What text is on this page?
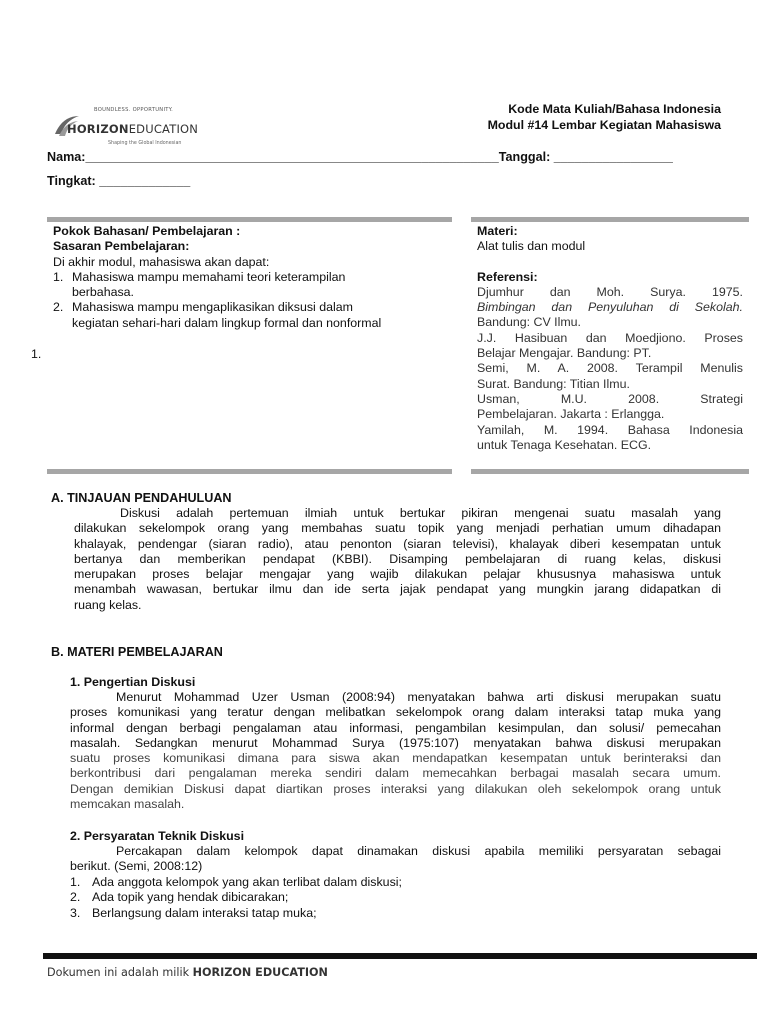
BOUNDLESS. OPPORTUNITY.
HORIZONEDUCATION
Shaping the Global Indonesian
Kode Mata Kuliah/Bahasa Indonesia
Modul #14 Lembar Kegiatan Mahasiswa
Nama:___________________________________________________________Tanggal: _________________
Tingkat: _____________
Pokok Bahasan/ Pembelajaran :
Sasaran Pembelajaran:
Di akhir modul, mahasiswa akan dapat:
1. Mahasiswa mampu memahami teori keterampilan
berbahasa.
2. Mahasiswa mampu mengaplikasikan diksusi dalam
kegiatan sehari-hari dalam lingkup formal dan nonformal
1.
Materi:
Alat tulis dan modul
Referensi:
Djumhur dan Moh. Surya. 1975.
Bimbingan dan Penyuluhan di Sekolah.
Bandung: CV Ilmu.
J.J. Hasibuan dan Moedjiono. Proses
Belajar Mengajar. Bandung: PT.
Semi, M. A. 2008. Terampil Menulis
Surat. Bandung: Titian Ilmu.
Usman, M.U. 2008. Strategi
Pembelajaran. Jakarta : Erlangga.
Yamilah, M. 1994. Bahasa Indonesia
untuk Tenaga Kesehatan. ECG.
A. TINJAUAN PENDAHULUAN
Diskusi adalah pertemuan ilmiah untuk bertukar pikiran mengenai suatu masalah yang
dilakukan sekelompok orang yang membahas suatu topik yang menjadi perhatian umum dihadapan
khalayak, pendengar (siaran radio), atau penonton (siaran televisi), khalayak diberi kesempatan untuk
bertanya dan memberikan pendapat (KBBI). Disamping pembelajaran di ruang kelas, diskusi
merupakan proses belajar mengajar yang wajib dilakukan pelajar khususnya mahasiswa untuk
menambah wawasan, bertukar ilmu dan ide serta jajak pendapat yang mungkin jarang didapatkan di
ruang kelas.
B. MATERI PEMBELAJARAN
1. Pengertian Diskusi
Menurut Mohammad Uzer Usman (2008:94) menyatakan bahwa arti diskusi merupakan suatu
proses komunikasi yang teratur dengan melibatkan sekelompok orang dalam interaksi tatap muka yang
informal dengan berbagi pengalaman atau informasi, pengambilan kesimpulan, dan solusi/ pemecahan
masalah. Sedangkan menurut Mohammad Surya (1975:107) menyatakan bahwa diskusi merupakan
suatu proses komunikasi dimana para siswa akan mendapatkan kesempatan untuk berinteraksi dan
berkontribusi dari pengalaman mereka sendiri dalam memecahkan berbagai masalah secara umum.
Dengan demikian Diskusi dapat diartikan proses interaksi yang dilakukan oleh sekelompok orang untuk
memcakan masalah.
2. Persyaratan Teknik Diskusi
Percakapan dalam kelompok dapat dinamakan diskusi apabila memiliki persyaratan sebagai
berikut. (Semi, 2008:12)
1. Ada anggota kelompok yang akan terlibat dalam diskusi;
2. Ada topik yang hendak dibicarakan;
3. Berlangsung dalam interaksi tatap muka;
Dokumen ini adalah milik HORIZON EDUCATION
